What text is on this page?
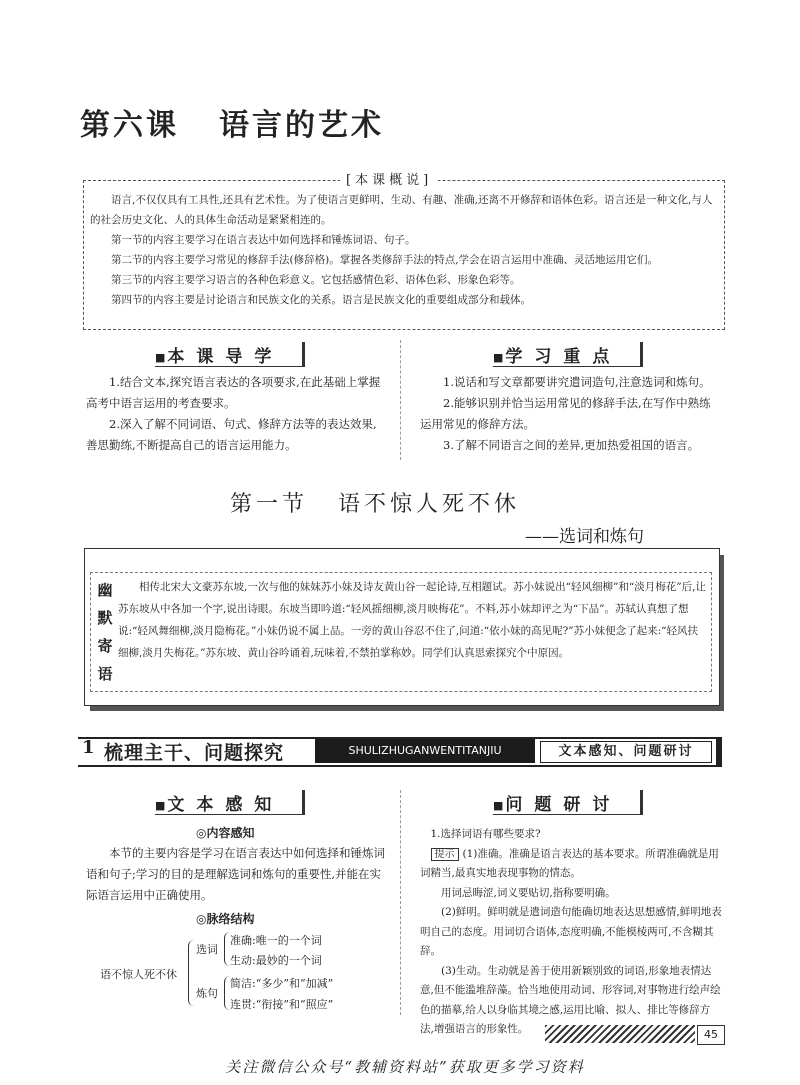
第六课 语言的艺术
[本课概说]

语言,不仅仅具有工具性,还具有艺术性。为了使语言更鲜明、生动、有趣、准确,还离不开修辞和语体色彩。语言还是一种文化,与人的社会历史文化、人的具体生命活动是紧紧相连的。

第一节的内容主要学习在语言表达中如何选择和锤炼词语、句子。

第二节的内容主要学习常见的修辞手法(修辞格)。掌握各类修辞手法的特点,学会在语言运用中准确、灵活地运用它们。

第三节的内容主要学习语言的各种色彩意义。它包括感情色彩、语体色彩、形象色彩等。

第四节的内容主要是讨论语言和民族文化的关系。语言是民族文化的重要组成部分和载体。

■ 本课导学

1.结合文本,探究语言表达的各项要求,在此基础上掌握高考中语言运用的考查要求。

2.深入了解不同词语、句式、修辞方法等的表达效果,善思勤练,不断提高自己的语言运用能力。

■ 学习重点

1.说话和写文章都要讲究遣词造句,注意选词和炼句。

2.能够识别并恰当运用常见的修辞手法,在写作中熟练运用常见的修辞方法。

3.了解不同语言之间的差异,更加热爱祖国的语言。

第一节 语不惊人死不休
——选词和炼句
幽
默
寄
语

相传北宋大文豪苏东坡,一次与他的妹妹苏小妹及诗友黄山谷一起论诗,互相题试。苏小妹说出“轻风细柳”和“淡月梅花”后,让苏东坡从中各加一个字,说出诗眼。东坡当即吟道:“轻风摇细柳,淡月映梅花”。不料,苏小妹却评之为“下品”。苏轼认真想了想说:“轻风舞细柳,淡月隐梅花。”小妹仍说不属上品。一旁的黄山谷忍不住了,问道:“依小妹的高见呢?”苏小妹便念了起来:“轻风扶细柳,淡月失梅花。”苏东坡、黄山谷吟诵着,玩味着,不禁拍掌称妙。同学们认真思索探究个中原因。

1 梳理主干、问题探究	SHULIZHUGANWENTITANJIU	文本感知、问题研讨
■ 文本感知
◎内容感知

本节的主要内容是学习在语言表达中如何选择和锤炼词语和句子;学习的目的是理解选词和炼句的重要性,并能在实际语言运用中正确使用。

◎脉络结构
语不惊人死不休
选词
炼句
准确:唯一的一个词
生动:最妙的一个词
简洁:“多少”和“加减”
连贯:“衔接”和“照应”
■ 问题研讨
1.选择词语有哪些要求?
提示 (1)准确。准确是语言表达的基本要求。所谓准确就是用词精当,最真实地表现事物的情态。
用词忌晦涩,词义要贴切,指称要明确。
(2)鲜明。鲜明就是遣词造句能确切地表达思想感情,鲜明地表明自己的态度。用词切合语体,态度明确,不能模棱两可,不含糊其辞。
(3)生动。生动就是善于使用新颖别致的词语,形象地表情达意,但不能滥堆辞藻。恰当地使用动词、形容词,对事物进行绘声绘色的描摹,给人以身临其境之感,运用比喻、拟人、排比等修辞方法,增强语言的形象性。	45
关注微信公众号“教辅资料站”获取更多学习资料
